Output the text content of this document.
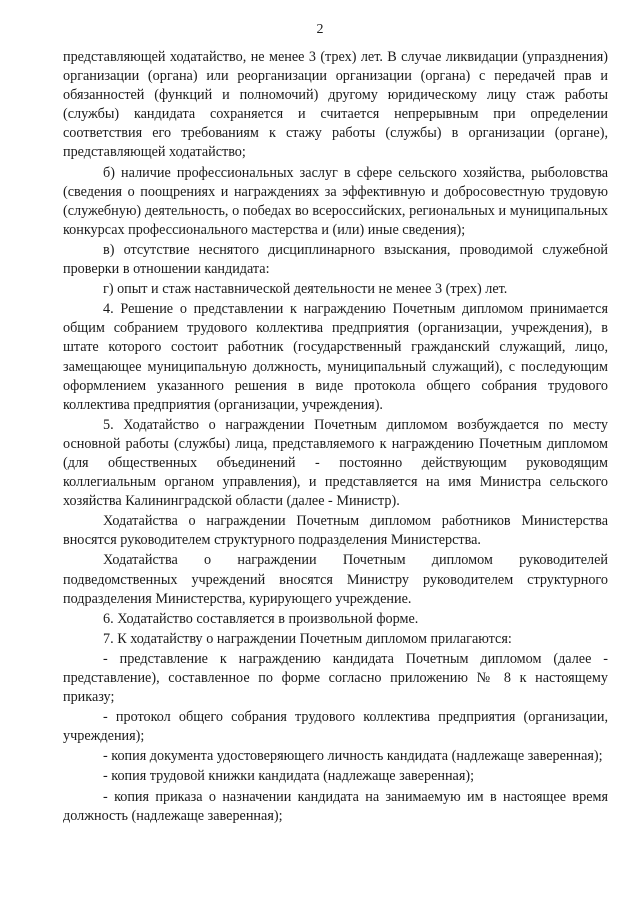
2

представляющей ходатайство, не менее 3 (трех) лет. В случае ликвидации (упразднения) организации (органа) или реорганизации организации (органа) с передачей прав и обязанностей (функций и полномочий) другому юридическому лицу стаж работы (службы) кандидата сохраняется и считается непрерывным при определении соответствия его требованиям к стажу работы (службы) в организации (органе), представляющей ходатайство;

б) наличие профессиональных заслуг в сфере сельского хозяйства, рыболовства (сведения о поощрениях и награждениях за эффективную и добросовестную трудовую (служебную) деятельность, о победах во всероссийских, региональных и муниципальных конкурсах профессионального мастерства и (или) иные сведения);

в) отсутствие неснятого дисциплинарного взыскания, проводимой служебной проверки в отношении кандидата:

г) опыт и стаж наставнической деятельности не менее 3 (трех) лет.

4. Решение о представлении к награждению Почетным дипломом принимается общим собранием трудового коллектива предприятия (организации, учреждения), в штате которого состоит работник (государственный гражданский служащий, лицо, замещающее муниципальную должность, муниципальный служащий), с последующим оформлением указанного решения в виде протокола общего собрания трудового коллектива предприятия (организации, учреждения).

5. Ходатайство о награждении Почетным дипломом возбуждается по месту основной работы (службы) лица, представляемого к награждению Почетным дипломом (для общественных объединений - постоянно действующим руководящим коллегиальным органом управления), и представляется на имя Министра сельского хозяйства Калининградской области (далее - Министр).

Ходатайства о награждении Почетным дипломом работников Министерства вносятся руководителем структурного подразделения Министерства.

Ходатайства о награждении Почетным дипломом руководителей подведомственных учреждений вносятся Министру руководителем структурного подразделения Министерства, курирующего учреждение.

6. Ходатайство составляется в произвольной форме.

7. К ходатайству о награждении Почетным дипломом прилагаются:

- представление к награждению кандидата Почетным дипломом (далее - представление), составленное по форме согласно приложению № 8 к настоящему приказу;

- протокол общего собрания трудового коллектива предприятия (организации, учреждения);

- копия документа удостоверяющего личность кандидата (надлежаще заверенная);

- копия трудовой книжки кандидата (надлежаще заверенная);

- копия приказа о назначении кандидата на занимаемую им в настоящее время должность (надлежаще заверенная);
